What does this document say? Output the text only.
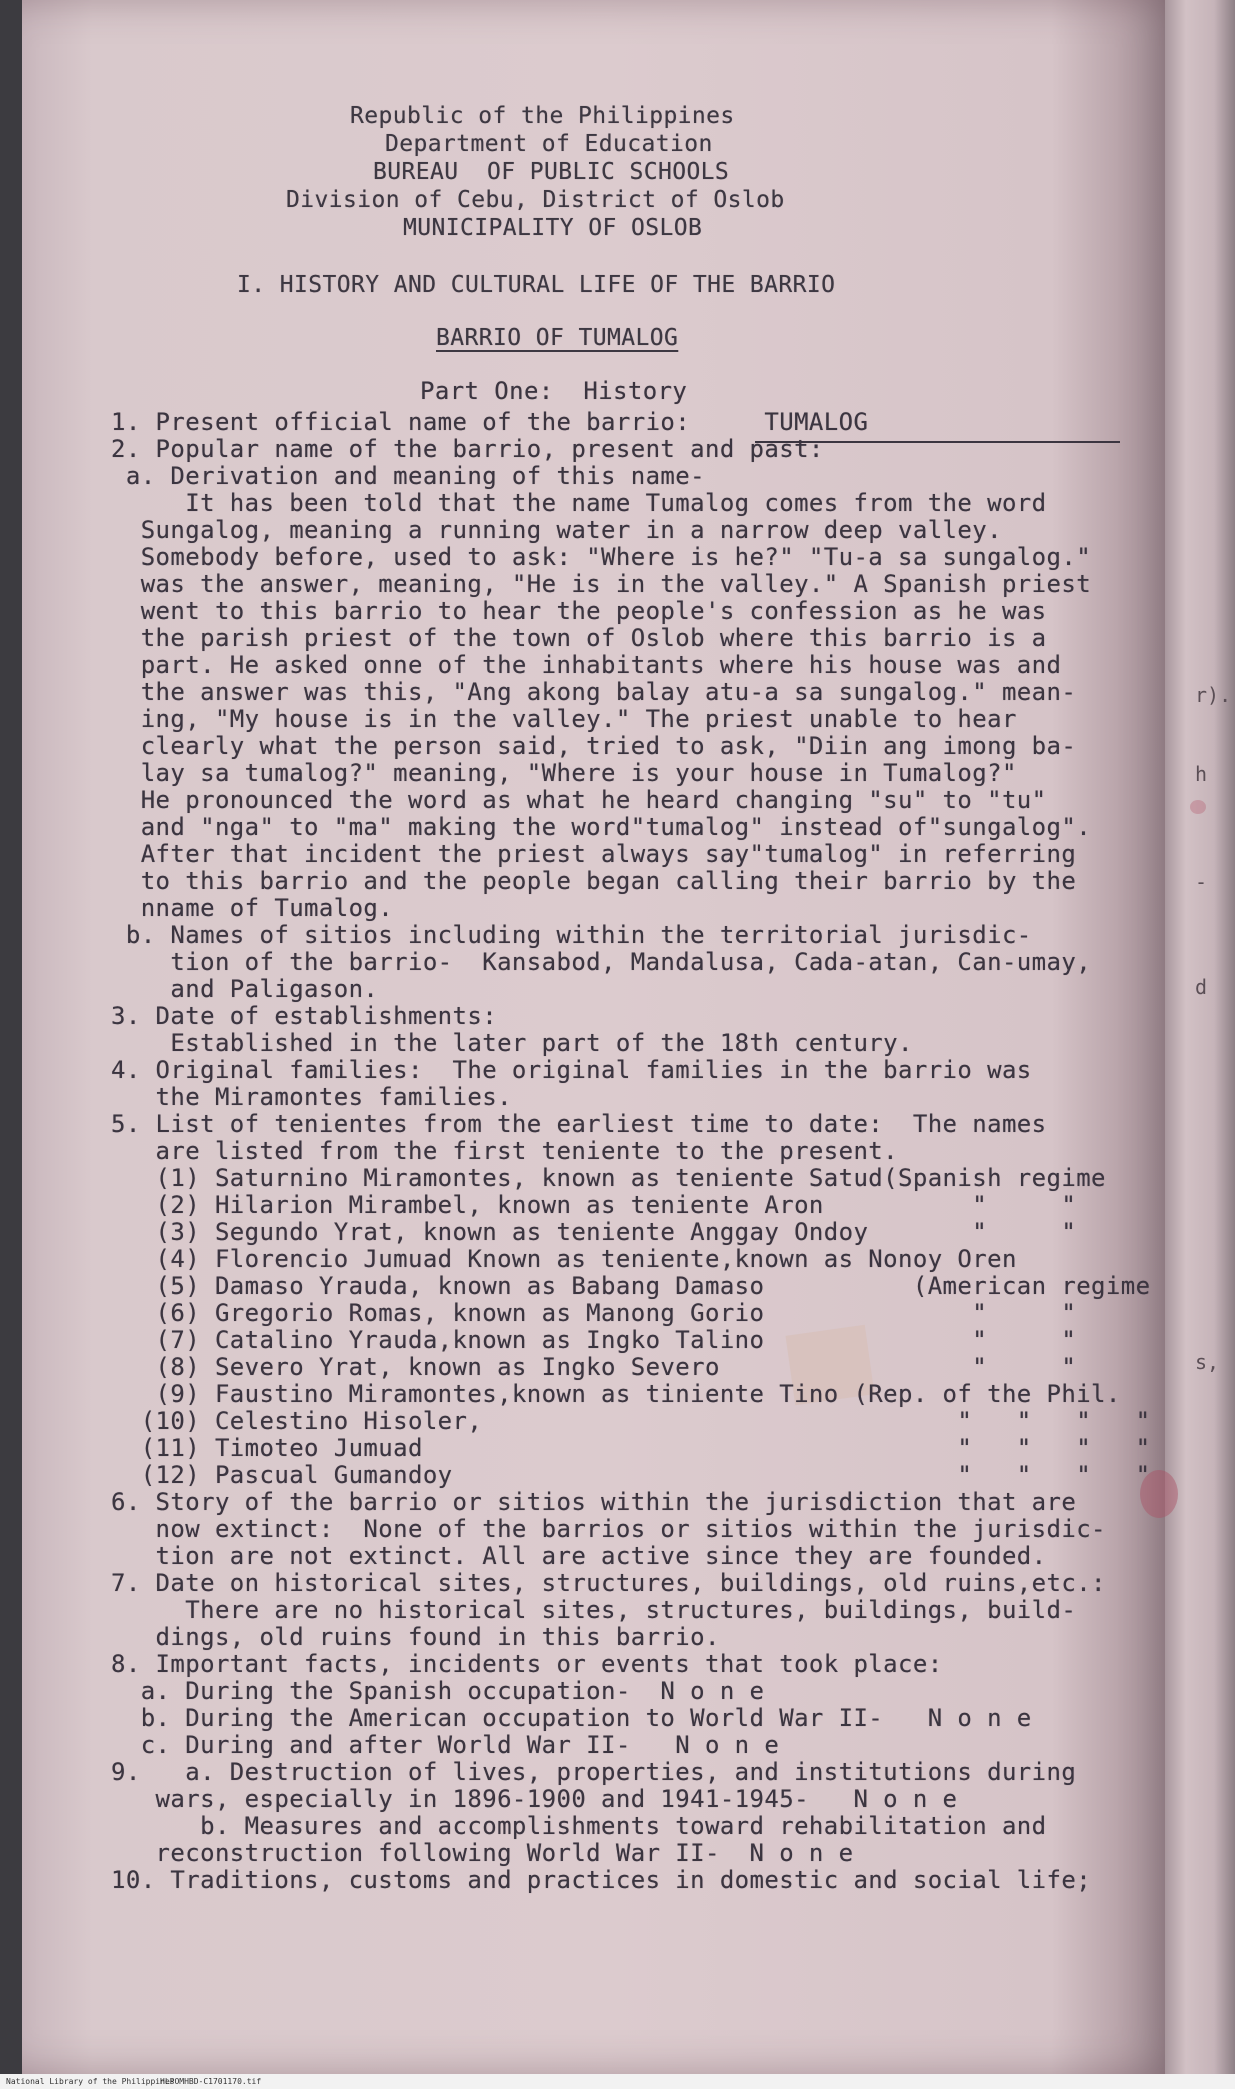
Republic of the Philippines
Department of Education
BUREAU  OF PUBLIC SCHOOLS
Division of Cebu, District of Oslob
MUNICIPALITY OF OSLOB
I. HISTORY AND CULTURAL LIFE OF THE BARRIO
BARRIO OF TUMALOG
Part One:  History
1. Present official name of the barrio:     TUMALOG
2. Popular name of the barrio, present and past:
a. Derivation and meaning of this name-
It has been told that the name Tumalog comes from the word
Sungalog, meaning a running water in a narrow deep valley.
Somebody before, used to ask: "Where is he?" "Tu-a sa sungalog."
was the answer, meaning, "He is in the valley." A Spanish priest
went to this barrio to hear the people's confession as he was
the parish priest of the town of Oslob where this barrio is a
part. He asked onne of the inhabitants where his house was and
the answer was this, "Ang akong balay atu-a sa sungalog." mean-
ing, "My house is in the valley." The priest unable to hear
clearly what the person said, tried to ask, "Diin ang imong ba-
lay sa tumalog?" meaning, "Where is your house in Tumalog?"
He pronounced the word as what he heard changing "su" to "tu"
and "nga" to "ma" making the word"tumalog" instead of"sungalog".
After that incident the priest always say"tumalog" in referring
to this barrio and the people began calling their barrio by the
nname of Tumalog.
b. Names of sitios including within the territorial jurisdic-
tion of the barrio-  Kansabod, Mandalusa, Cada-atan, Can-umay,
and Paligason.
3. Date of establishments:
Established in the later part of the 18th century.
4. Original families:  The original families in the barrio was
the Miramontes families.
5. List of tenientes from the earliest time to date:  The names
are listed from the first teniente to the present.
(1) Saturnino Miramontes, known as teniente Satud(Spanish regime
(2) Hilarion Mirambel, known as teniente Aron          "     "
(3) Segundo Yrat, known as teniente Anggay Ondoy       "     "
(4) Florencio Jumuad Known as teniente,known as Nonoy Oren
(5) Damaso Yrauda, known as Babang Damaso          (American regime
(6) Gregorio Romas, known as Manong Gorio              "     "
(7) Catalino Yrauda,known as Ingko Talino              "     "
(8) Severo Yrat, known as Ingko Severo                 "     "
(9) Faustino Miramontes,known as tiniente Tino (Rep. of the Phil.
(10) Celestino Hisoler,                                "   "   "   "
(11) Timoteo Jumuad                                    "   "   "   "
(12) Pascual Gumandoy                                  "   "   "   "
6. Story of the barrio or sitios within the jurisdiction that are
now extinct:  None of the barrios or sitios within the jurisdic-
tion are not extinct. All are active since they are founded.
7. Date on historical sites, structures, buildings, old ruins,etc.:
There are no historical sites, structures, buildings, build-
dings, old ruins found in this barrio.
8. Important facts, incidents or events that took place:
a. During the Spanish occupation-  N o n e
b. During the American occupation to World War II-   N o n e
c. During and after World War II-   N o n e
9.   a. Destruction of lives, properties, and institutions during
wars, especially in 1896-1900 and 1941-1945-   N o n e
b. Measures and accomplishments toward rehabilitation and
reconstruction following World War II-  N o n e
10. Traditions, customs and practices in domestic and social life;
r).
h
-
d
s,
National Library of the Philippines
HLPOMHBD-C1701170.tif
